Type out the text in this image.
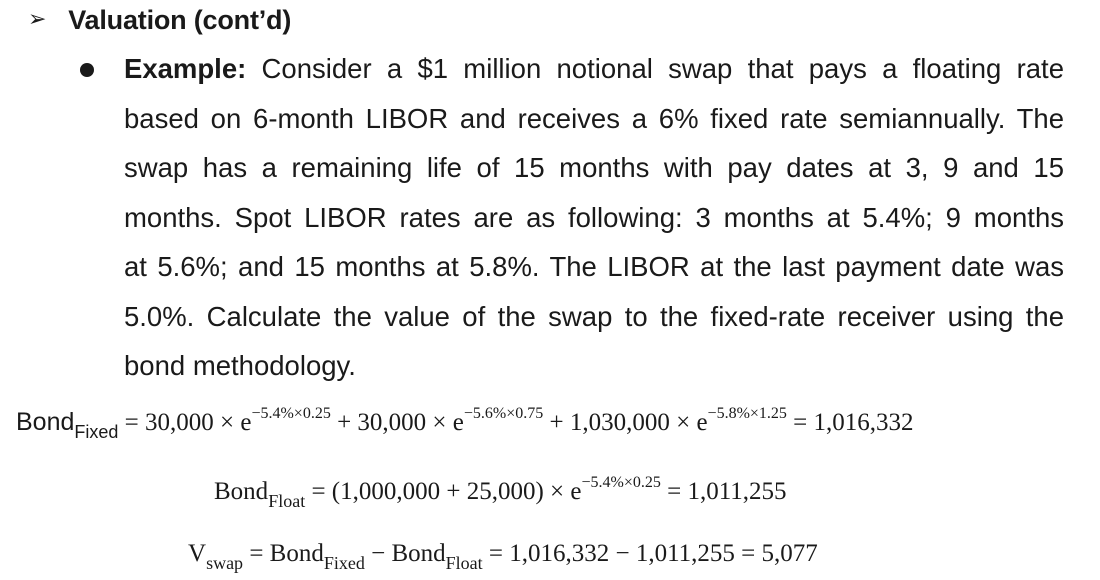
➢ Valuation (cont’d)
Example: Consider a $1 million notional swap that pays a floating rate
based on 6-month LIBOR and receives a 6% fixed rate semiannually. The
swap has a remaining life of 15 months with pay dates at 3, 9 and 15
months. Spot LIBOR rates are as following: 3 months at 5.4%; 9 months
at 5.6%; and 15 months at 5.8%. The LIBOR at the last payment date was
5.0%. Calculate the value of the swap to the fixed-rate receiver using the
bond methodology.
Bond$_{Fixed}$ = $30,000 \times e^{-5.4\%\times 0.25} + 30,000 \times e^{-5.6\%\times 0.75} + 1,030,000 \times e^{-5.8\%\times 1.25} = 1,016,332$
Bond$_{Float}$ = $(1,000,000 + 25,000) \times e^{-5.4\%\times 0.25} = 1,011,255$
$V_{swap}$ = Bond$_{Fixed}$ − Bond$_{Float}$ = 1,016,332 − 1,011,255 = 5,077
